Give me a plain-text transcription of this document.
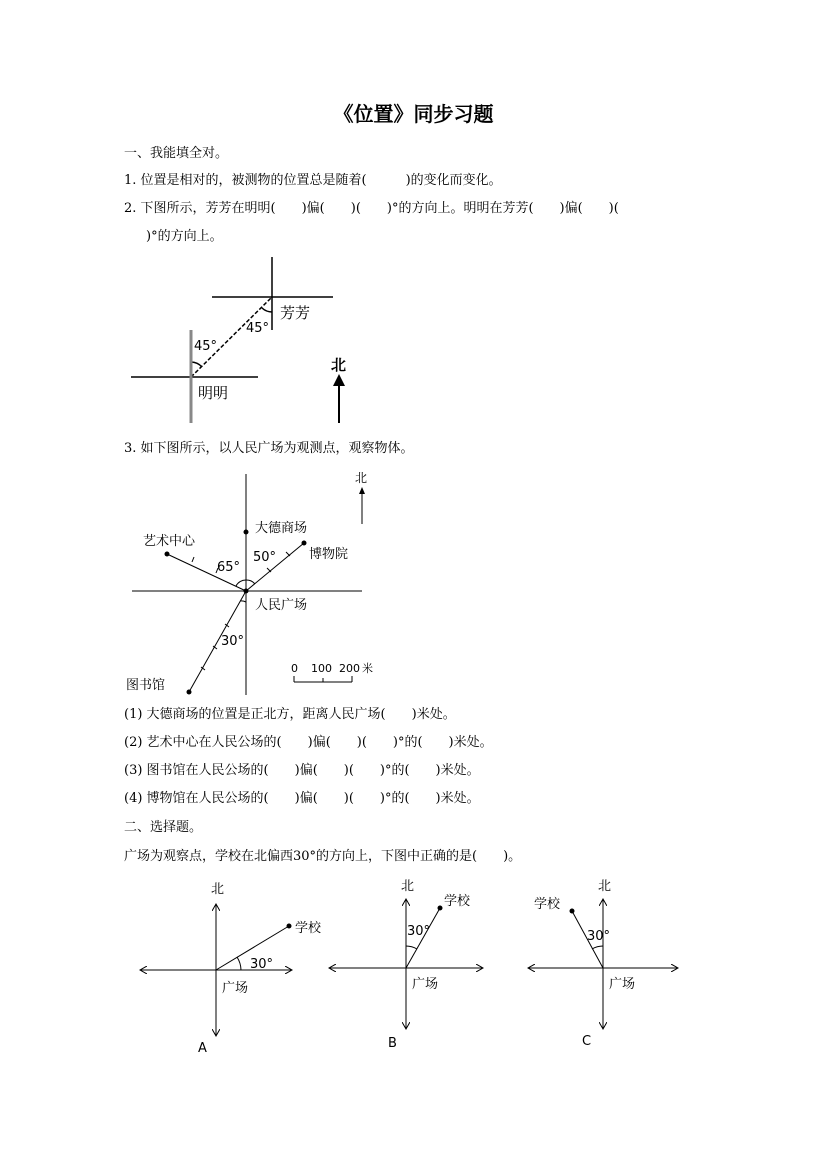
《位置》同步习题
一、我能填全对。
1. 位置是相对的，被测物的位置总是随着(　　　)的变化而变化。
2. 下图所示，芳芳在明明(　　)偏(　　)(　　)°的方向上。明明在芳芳(　　)偏(　　)(
)°的方向上。
45°
45°
芳芳
明明
北
3. 如下图所示，以人民广场为观测点，观察物体。
北
大德商场
艺术中心
博物院
人民广场
图书馆
65°
50°
30°
0 100 200 米
(1) 大德商场的位置是正北方，距离人民广场(　　)米处。
(2) 艺术中心在人民公场的(　　)偏(　　)(　　)°的(　　)米处。
(3) 图书馆在人民公场的(　　)偏(　　)(　　)°的(　　)米处。
(4) 博物馆在人民公场的(　　)偏(　　)(　　)°的(　　)米处。
二、选择题。
广场为观察点，学校在北偏西30°的方向上，下图中正确的是(　　)。
北
学校
30°
广场
A
北
学校
30°
广场
B
北
学校
30°
广场
C
